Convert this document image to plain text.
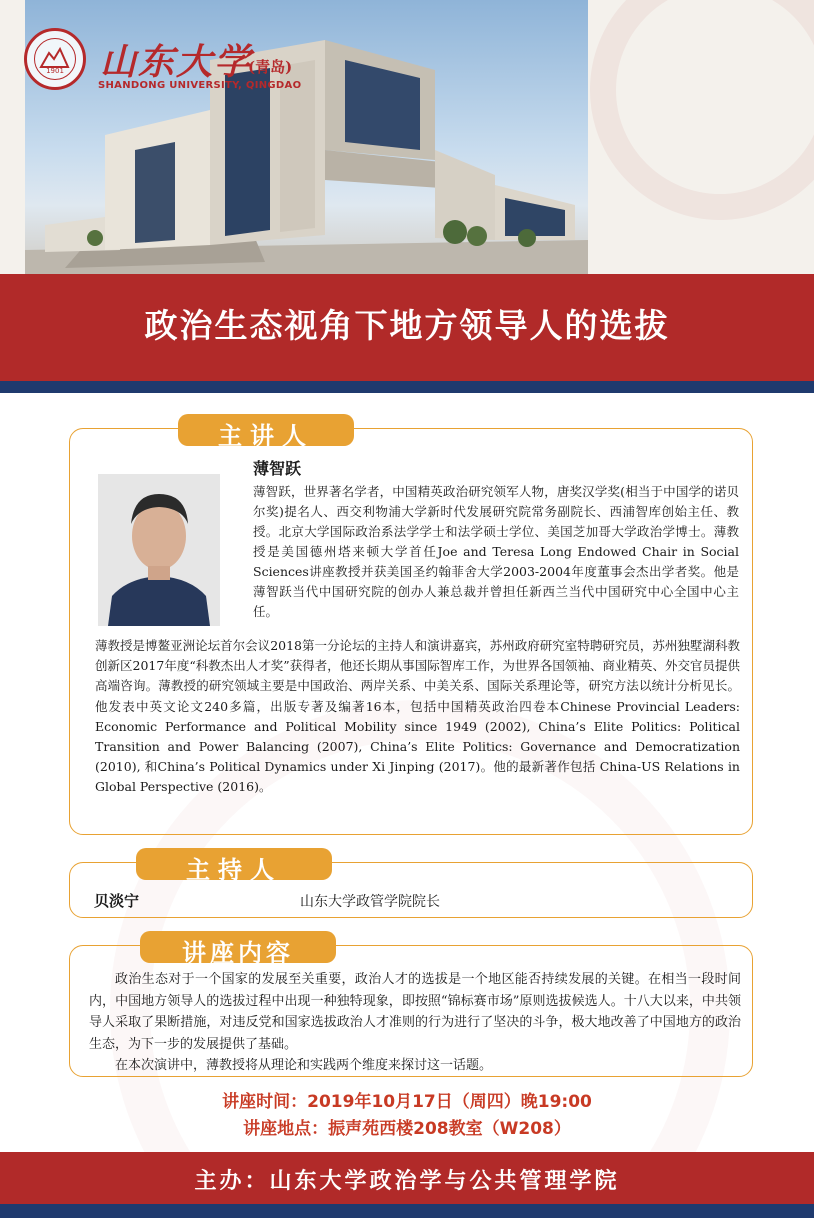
1901	山东大学
(青岛)
SHANDONG UNIVERSITY, QINGDAO
政治生态视角下地方领导人的选拔
主讲人
薄智跃
薄智跃，世界著名学者，中国精英政治研究领军人物，唐奖汉学奖(相当于中国学的诺贝尔奖)提名人、西交利物浦大学新时代发展研究院常务副院长、西浦智库创始主任、教授。北京大学国际政治系法学学士和法学硕士学位、美国芝加哥大学政治学博士。薄教授是美国德州塔来顿大学首任Joe and Teresa Long Endowed Chair in Social Sciences讲座教授并获美国圣约翰菲舍大学2003-2004年度董事会杰出学者奖。他是薄智跃当代中国研究院的创办人兼总裁并曾担任新西兰当代中国研究中心全国中心主任。
薄教授是博鳌亚洲论坛首尔会议2018第一分论坛的主持人和演讲嘉宾，苏州政府研究室特聘研究员，苏州独墅湖科教创新区2017年度“科教杰出人才奖”获得者，他还长期从事国际智库工作，为世界各国领袖、商业精英、外交官员提供高端咨询。薄教授的研究领域主要是中国政治、两岸关系、中美关系、国际关系理论等，研究方法以统计分析见长。他发表中英文论文240多篇，出版专著及编著16本，包括中国精英政治四卷本Chinese Provincial Leaders: Economic Performance and Political Mobility since 1949 (2002), China’s Elite Politics: Political Transition and Power Balancing (2007), China’s Elite Politics: Governance and Democratization (2010), 和China’s Political Dynamics under Xi Jinping (2017)。他的最新著作包括 China-US Relations in Global Perspective (2016)。
主持人
贝淡宁	山东大学政管学院院长
讲座内容

政治生态对于一个国家的发展至关重要，政治人才的选拔是一个地区能否持续发展的关键。在相当一段时间内，中国地方领导人的选拔过程中出现一种独特现象，即按照“锦标赛市场”原则选拔候选人。十八大以来，中共领导人采取了果断措施，对违反党和国家选拔政治人才准则的行为进行了坚决的斗争，极大地改善了中国地方的政治生态，为下一步的发展提供了基础。

在本次演讲中，薄教授将从理论和实践两个维度来探讨这一话题。

讲座时间：2019年10月17日（周四）晚19:00
讲座地点：振声苑西楼208教室（W208）
主办：山东大学政治学与公共管理学院
